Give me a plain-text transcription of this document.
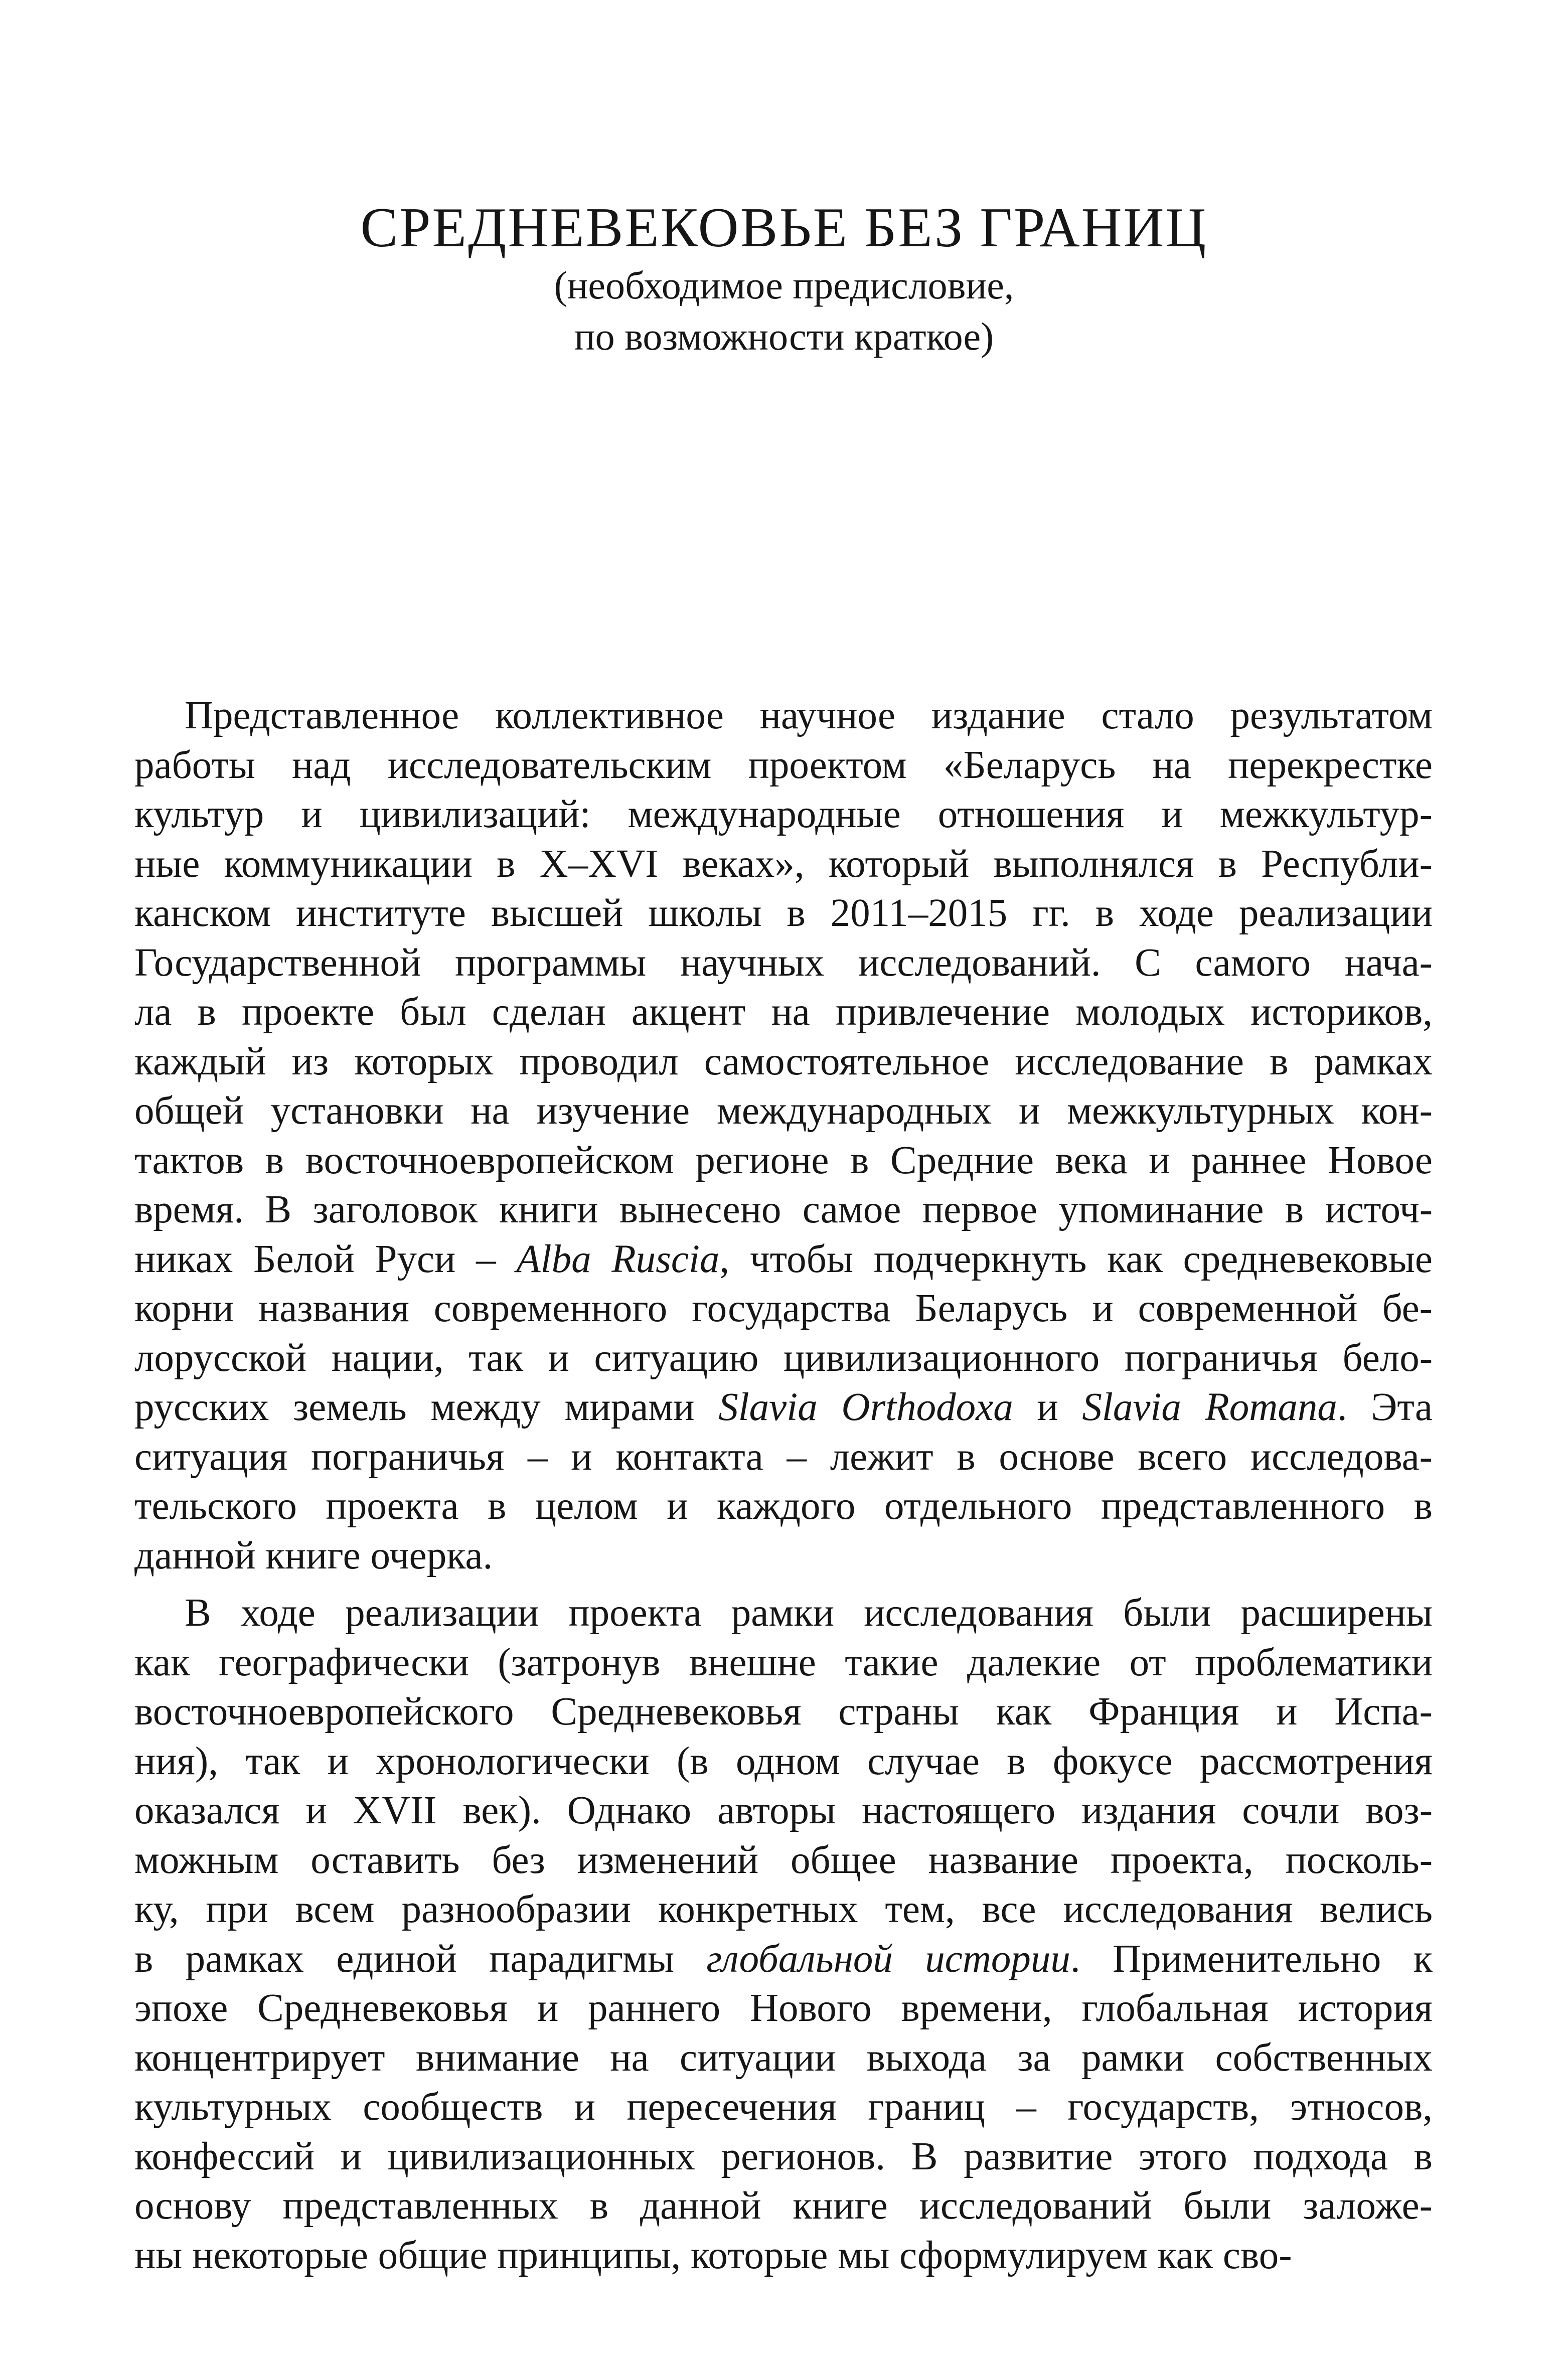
СРЕДНЕВЕКОВЬЕ БЕЗ ГРАНИЦ

(необходимое предисловие,

по возможности краткое)

Представленное коллективное научное издание стало результатом
работы над исследовательским проектом «Беларусь на перекрестке
культур и цивилизаций: международные отношения и межкультур-
ные коммуникации в X–XVI веках», который выполнялся в Республи-
канском институте высшей школы в 2011–2015 гг. в ходе реализации
Государственной программы научных исследований. С самого нача-
ла в проекте был сделан акцент на привлечение молодых историков,
каждый из которых проводил самостоятельное исследование в рамках
общей установки на изучение международных и межкультурных кон-
тактов в восточноевропейском регионе в Средние века и раннее Новое
время. В заголовок книги вынесено самое первое упоминание в источ-
никах Белой Руси – Alba Ruscia, чтобы подчеркнуть как средневековые
корни названия современного государства Беларусь и современной бе-
лорусской нации, так и ситуацию цивилизационного пограничья бело-
русских земель между мирами Slavia Orthodoxa и Slavia Romana. Эта
ситуация пограничья – и контакта – лежит в основе всего исследова-
тельского проекта в целом и каждого отдельного представленного в
данной книге очерка.
В ходе реализации проекта рамки исследования были расширены
как географически (затронув внешне такие далекие от проблематики
восточноевропейского Средневековья страны как Франция и Испа-
ния), так и хронологически (в одном случае в фокусе рассмотрения
оказался и XVII век). Однако авторы настоящего издания сочли воз-
можным оставить без изменений общее название проекта, посколь-
ку, при всем разнообразии конкретных тем, все исследования велись
в рамках единой парадигмы глобальной истории. Применительно к
эпохе Средневековья и раннего Нового времени, глобальная история
концентрирует внимание на ситуации выхода за рамки собственных
культурных сообществ и пересечения границ – государств, этносов,
конфессий и цивилизационных регионов. В развитие этого подхода в
основу представленных в данной книге исследований были заложе-
ны некоторые общие принципы, которые мы сформулируем как сво-
